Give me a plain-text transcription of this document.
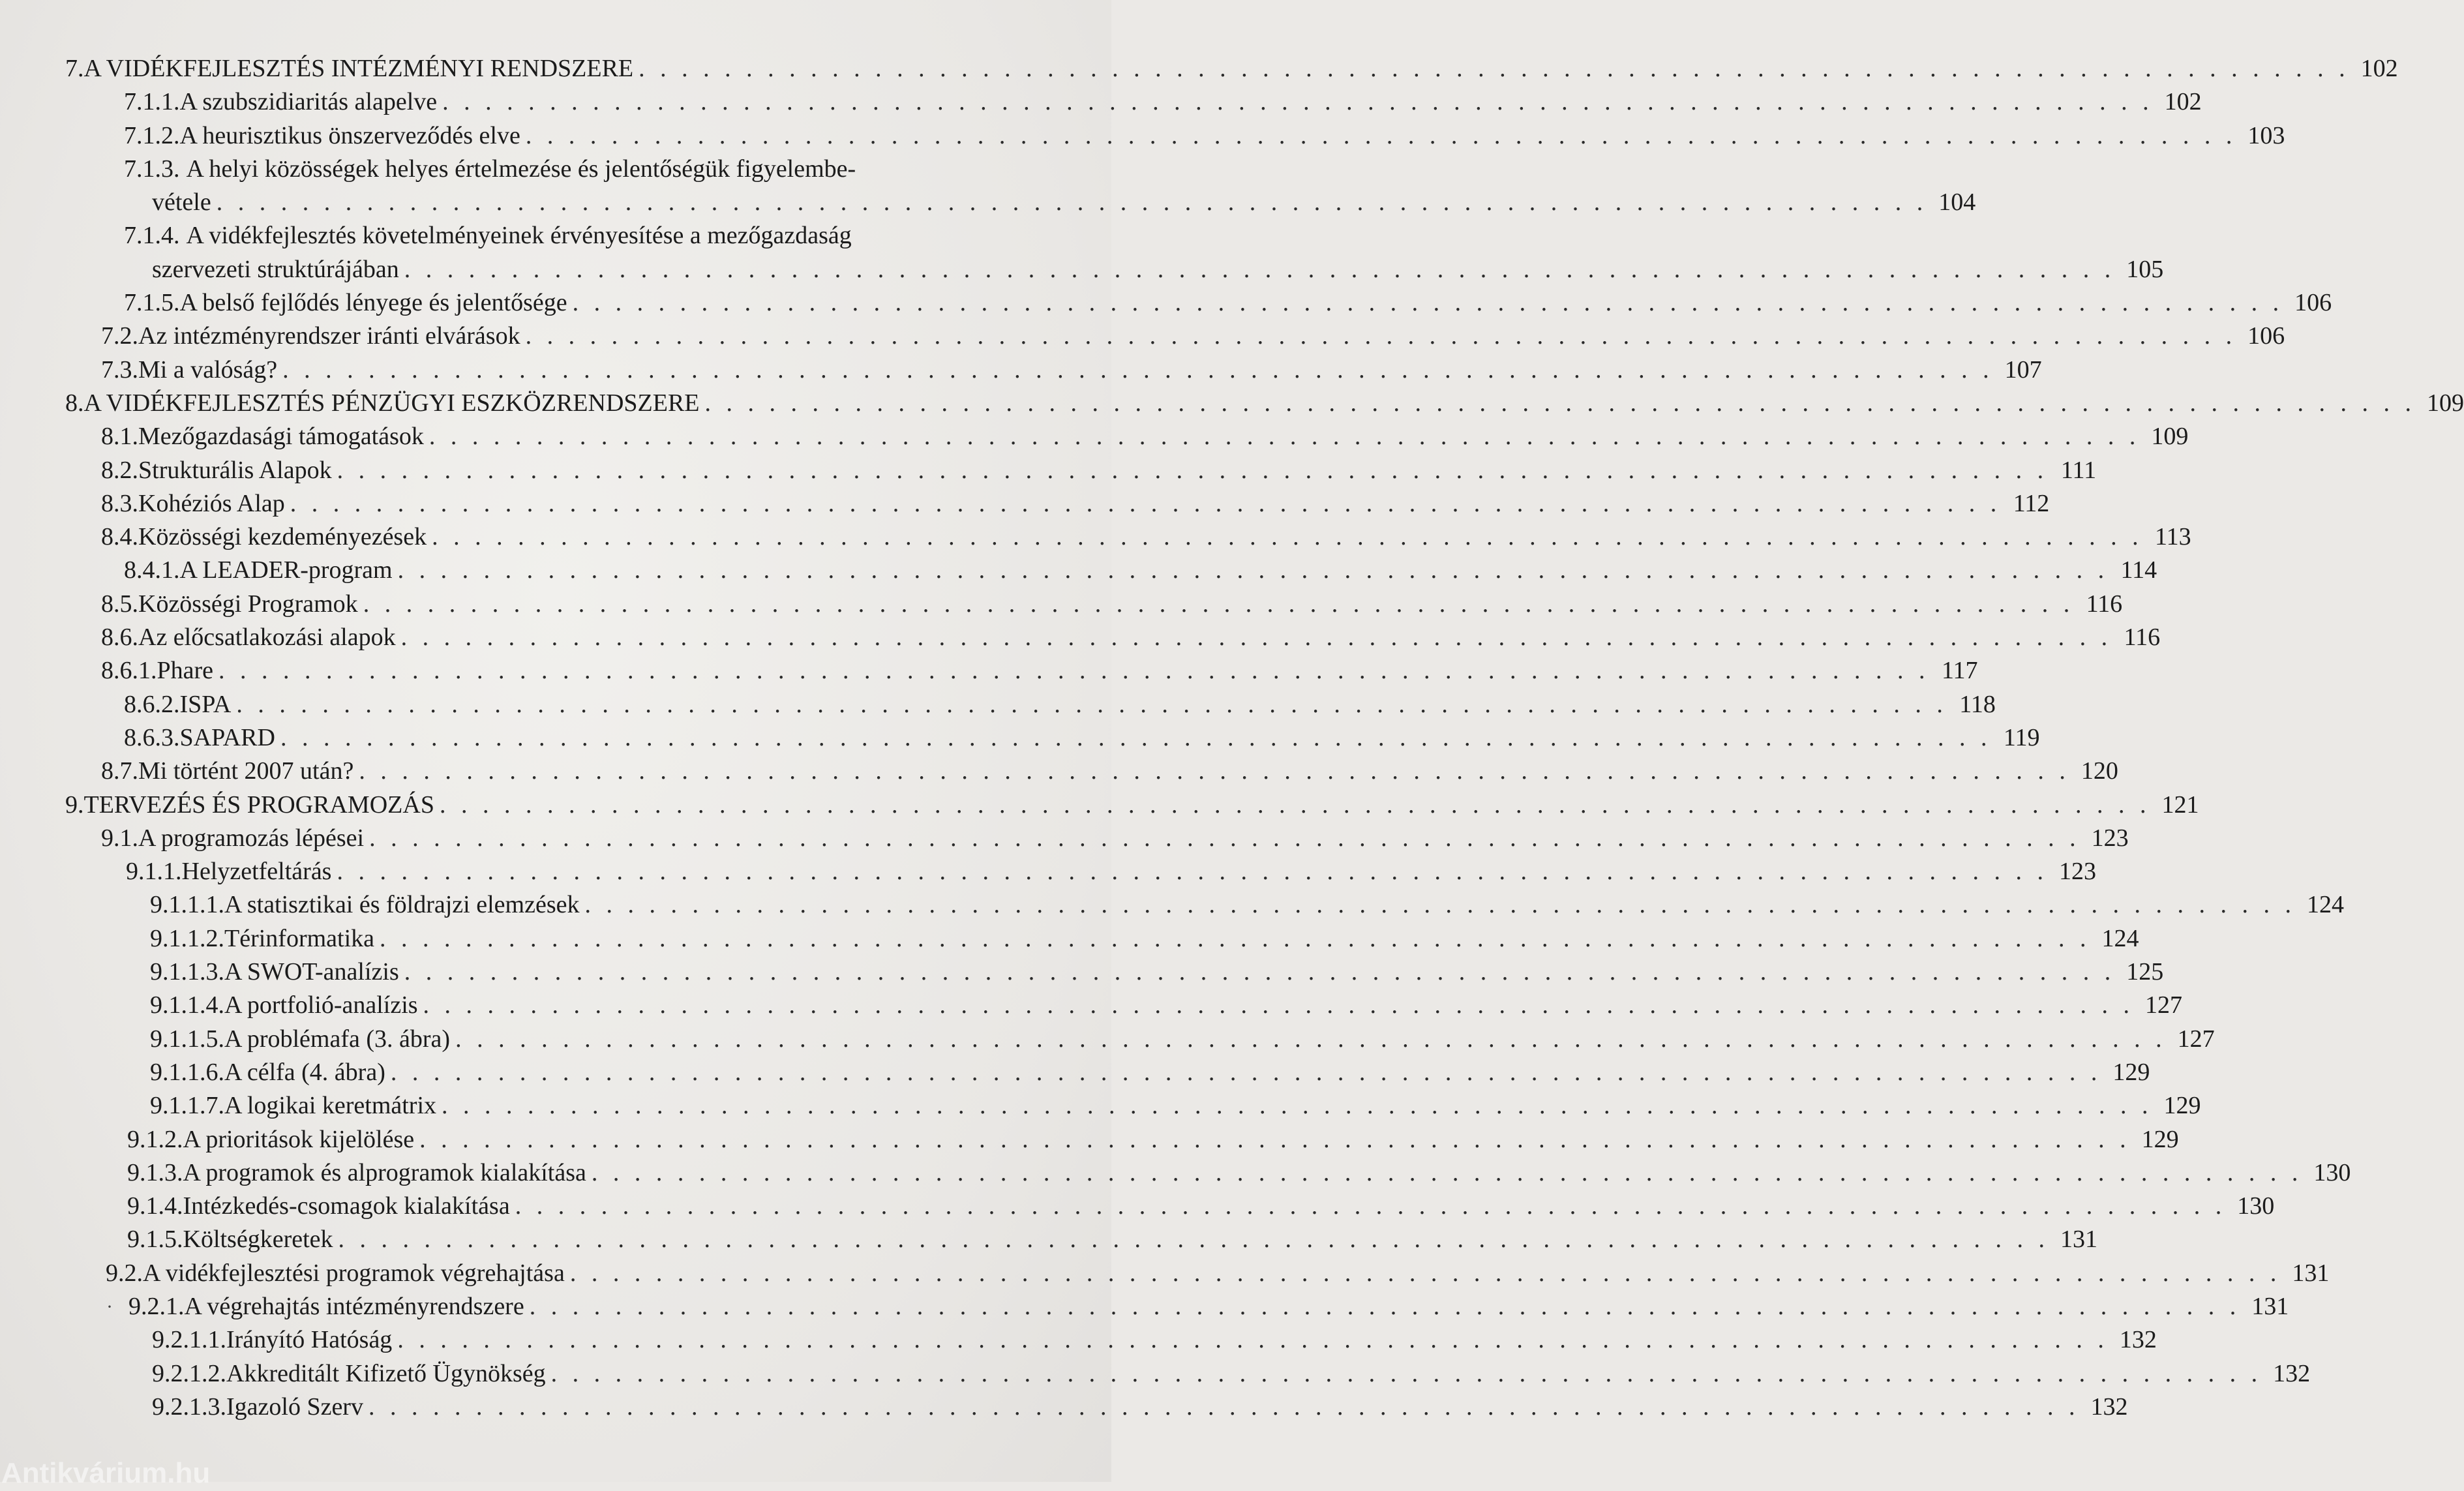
7. A VIDÉKFEJLESZTÉS INTÉZMÉNYI RENDSZERE . . . . . . . . . . . . . . . . . . . . . . . . . . . . . . . . . . . . . . . . . . . . . . . . . . . . . . . . . . . . . . . . . . . . . . . . . . . . . . . . 102
7.1.1. A szubszidiaritás alapelve . . . . . . . . . . . . . . . . . . . . . . . . . . . . . . . . . . . . . . . . . . . . . . . . . . . . . . . . . . . . . . . . . . . . . . . . . . . . . . . . 102
7.1.2. A heurisztikus önszerveződés elve . . . . . . . . . . . . . . . . . . . . . . . . . . . . . . . . . . . . . . . . . . . . . . . . . . . . . . . . . . . . . . . . . . . . . . . . . . . . . . . . 103
7.1.3. A helyi közösségek helyes értelmezése és jelentőségük figyelembe-
vétele . . . . . . . . . . . . . . . . . . . . . . . . . . . . . . . . . . . . . . . . . . . . . . . . . . . . . . . . . . . . . . . . . . . . . . . . . . . . . . . . 104
7.1.4. A vidékfejlesztés követelményeinek érvényesítése a mezőgazdaság
szervezeti struktúrájában . . . . . . . . . . . . . . . . . . . . . . . . . . . . . . . . . . . . . . . . . . . . . . . . . . . . . . . . . . . . . . . . . . . . . . . . . . . . . . . . 105
7.1.5. A belső fejlődés lényege és jelentősége . . . . . . . . . . . . . . . . . . . . . . . . . . . . . . . . . . . . . . . . . . . . . . . . . . . . . . . . . . . . . . . . . . . . . . . . . . . . . . . . 106
7.2. Az intézményrendszer iránti elvárások . . . . . . . . . . . . . . . . . . . . . . . . . . . . . . . . . . . . . . . . . . . . . . . . . . . . . . . . . . . . . . . . . . . . . . . . . . . . . . . . 106
7.3. Mi a valóság? . . . . . . . . . . . . . . . . . . . . . . . . . . . . . . . . . . . . . . . . . . . . . . . . . . . . . . . . . . . . . . . . . . . . . . . . . . . . . . . . 107
8. A VIDÉKFEJLESZTÉS PÉNZÜGYI ESZKÖZRENDSZERE . . . . . . . . . . . . . . . . . . . . . . . . . . . . . . . . . . . . . . . . . . . . . . . . . . . . . . . . . . . . . . . . . . . . . . . . . . . . . . . . 109
8.1. Mezőgazdasági támogatások . . . . . . . . . . . . . . . . . . . . . . . . . . . . . . . . . . . . . . . . . . . . . . . . . . . . . . . . . . . . . . . . . . . . . . . . . . . . . . . . 109
8.2. Strukturális Alapok . . . . . . . . . . . . . . . . . . . . . . . . . . . . . . . . . . . . . . . . . . . . . . . . . . . . . . . . . . . . . . . . . . . . . . . . . . . . . . . . 111
8.3. Kohéziós Alap . . . . . . . . . . . . . . . . . . . . . . . . . . . . . . . . . . . . . . . . . . . . . . . . . . . . . . . . . . . . . . . . . . . . . . . . . . . . . . . . 112
8.4. Közösségi kezdeményezések . . . . . . . . . . . . . . . . . . . . . . . . . . . . . . . . . . . . . . . . . . . . . . . . . . . . . . . . . . . . . . . . . . . . . . . . . . . . . . . . 113
8.4.1. A LEADER-program . . . . . . . . . . . . . . . . . . . . . . . . . . . . . . . . . . . . . . . . . . . . . . . . . . . . . . . . . . . . . . . . . . . . . . . . . . . . . . . . 114
8.5. Közösségi Programok . . . . . . . . . . . . . . . . . . . . . . . . . . . . . . . . . . . . . . . . . . . . . . . . . . . . . . . . . . . . . . . . . . . . . . . . . . . . . . . . 116
8.6. Az előcsatlakozási alapok . . . . . . . . . . . . . . . . . . . . . . . . . . . . . . . . . . . . . . . . . . . . . . . . . . . . . . . . . . . . . . . . . . . . . . . . . . . . . . . . 116
8.6.1. Phare . . . . . . . . . . . . . . . . . . . . . . . . . . . . . . . . . . . . . . . . . . . . . . . . . . . . . . . . . . . . . . . . . . . . . . . . . . . . . . . . 117
8.6.2. ISPA . . . . . . . . . . . . . . . . . . . . . . . . . . . . . . . . . . . . . . . . . . . . . . . . . . . . . . . . . . . . . . . . . . . . . . . . . . . . . . . . 118
8.6.3. SAPARD . . . . . . . . . . . . . . . . . . . . . . . . . . . . . . . . . . . . . . . . . . . . . . . . . . . . . . . . . . . . . . . . . . . . . . . . . . . . . . . . 119
8.7. Mi történt 2007 után? . . . . . . . . . . . . . . . . . . . . . . . . . . . . . . . . . . . . . . . . . . . . . . . . . . . . . . . . . . . . . . . . . . . . . . . . . . . . . . . . 120
9. TERVEZÉS ÉS PROGRAMOZÁS . . . . . . . . . . . . . . . . . . . . . . . . . . . . . . . . . . . . . . . . . . . . . . . . . . . . . . . . . . . . . . . . . . . . . . . . . . . . . . . . 121
9.1. A programozás lépései . . . . . . . . . . . . . . . . . . . . . . . . . . . . . . . . . . . . . . . . . . . . . . . . . . . . . . . . . . . . . . . . . . . . . . . . . . . . . . . . 123
9.1.1. Helyzetfeltárás . . . . . . . . . . . . . . . . . . . . . . . . . . . . . . . . . . . . . . . . . . . . . . . . . . . . . . . . . . . . . . . . . . . . . . . . . . . . . . . . 123
9.1.1.1. A statisztikai és földrajzi elemzések . . . . . . . . . . . . . . . . . . . . . . . . . . . . . . . . . . . . . . . . . . . . . . . . . . . . . . . . . . . . . . . . . . . . . . . . . . . . . . . . 124
9.1.1.2. Térinformatika . . . . . . . . . . . . . . . . . . . . . . . . . . . . . . . . . . . . . . . . . . . . . . . . . . . . . . . . . . . . . . . . . . . . . . . . . . . . . . . . 124
9.1.1.3. A SWOT-analízis . . . . . . . . . . . . . . . . . . . . . . . . . . . . . . . . . . . . . . . . . . . . . . . . . . . . . . . . . . . . . . . . . . . . . . . . . . . . . . . . 125
9.1.1.4. A portfolió-analízis . . . . . . . . . . . . . . . . . . . . . . . . . . . . . . . . . . . . . . . . . . . . . . . . . . . . . . . . . . . . . . . . . . . . . . . . . . . . . . . . 127
9.1.1.5. A problémafa (3. ábra) . . . . . . . . . . . . . . . . . . . . . . . . . . . . . . . . . . . . . . . . . . . . . . . . . . . . . . . . . . . . . . . . . . . . . . . . . . . . . . . . 127
9.1.1.6. A célfa (4. ábra) . . . . . . . . . . . . . . . . . . . . . . . . . . . . . . . . . . . . . . . . . . . . . . . . . . . . . . . . . . . . . . . . . . . . . . . . . . . . . . . . 129
9.1.1.7. A logikai keretmátrix . . . . . . . . . . . . . . . . . . . . . . . . . . . . . . . . . . . . . . . . . . . . . . . . . . . . . . . . . . . . . . . . . . . . . . . . . . . . . . . . 129
9.1.2. A prioritások kijelölése . . . . . . . . . . . . . . . . . . . . . . . . . . . . . . . . . . . . . . . . . . . . . . . . . . . . . . . . . . . . . . . . . . . . . . . . . . . . . . . . 129
9.1.3. A programok és alprogramok kialakítása . . . . . . . . . . . . . . . . . . . . . . . . . . . . . . . . . . . . . . . . . . . . . . . . . . . . . . . . . . . . . . . . . . . . . . . . . . . . . . . . 130
9.1.4. Intézkedés-csomagok kialakítása . . . . . . . . . . . . . . . . . . . . . . . . . . . . . . . . . . . . . . . . . . . . . . . . . . . . . . . . . . . . . . . . . . . . . . . . . . . . . . . . 130
9.1.5. Költségkeretek . . . . . . . . . . . . . . . . . . . . . . . . . . . . . . . . . . . . . . . . . . . . . . . . . . . . . . . . . . . . . . . . . . . . . . . . . . . . . . . . 131
9.2. A vidékfejlesztési programok végrehajtása . . . . . . . . . . . . . . . . . . . . . . . . . . . . . . . . . . . . . . . . . . . . . . . . . . . . . . . . . . . . . . . . . . . . . . . . . . . . . . . . 131
· 9.2.1. A végrehajtás intézményrendszere . . . . . . . . . . . . . . . . . . . . . . . . . . . . . . . . . . . . . . . . . . . . . . . . . . . . . . . . . . . . . . . . . . . . . . . . . . . . . . . . 131
9.2.1.1. Irányító Hatóság . . . . . . . . . . . . . . . . . . . . . . . . . . . . . . . . . . . . . . . . . . . . . . . . . . . . . . . . . . . . . . . . . . . . . . . . . . . . . . . . 132
9.2.1.2. Akkreditált Kifizető Ügynökség . . . . . . . . . . . . . . . . . . . . . . . . . . . . . . . . . . . . . . . . . . . . . . . . . . . . . . . . . . . . . . . . . . . . . . . . . . . . . . . . 132
9.2.1.3. Igazoló Szerv . . . . . . . . . . . . . . . . . . . . . . . . . . . . . . . . . . . . . . . . . . . . . . . . . . . . . . . . . . . . . . . . . . . . . . . . . . . . . . . . 132
Antikvárium.hu
